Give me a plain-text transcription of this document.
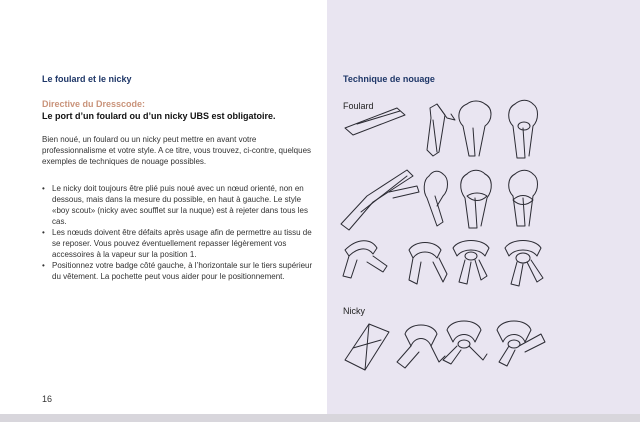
Le foulard et le nicky
Directive du Dresscode:
Le port d’un foulard ou d’un nicky UBS est obligatoire.

Bien noué, un foulard ou un nicky peut mettre en avant votre professionnalisme et votre style. A ce titre, vous trouvez, ci-contre, quelques exemples de techniques de nouage possibles.

• Le nicky doit toujours être plié puis noué avec un nœud orienté, non en dessous, mais dans la mesure du possible, en haut à gauche. Le style «boy scout» (nicky avec soufflet sur la nuque) est à rejeter dans tous les cas.
• Les nœuds doivent être défaits après usage afin de permettre au tissu de se reposer. Vous pouvez éventuellement repasser légèrement vos accessoires à la vapeur sur la position 1.
• Positionnez votre badge côté gauche, à l’horizontale sur le tiers supérieur du vêtement. La pochette peut vous aider pour le positionnement.
16
Technique de nouage
Foulard
Nicky
